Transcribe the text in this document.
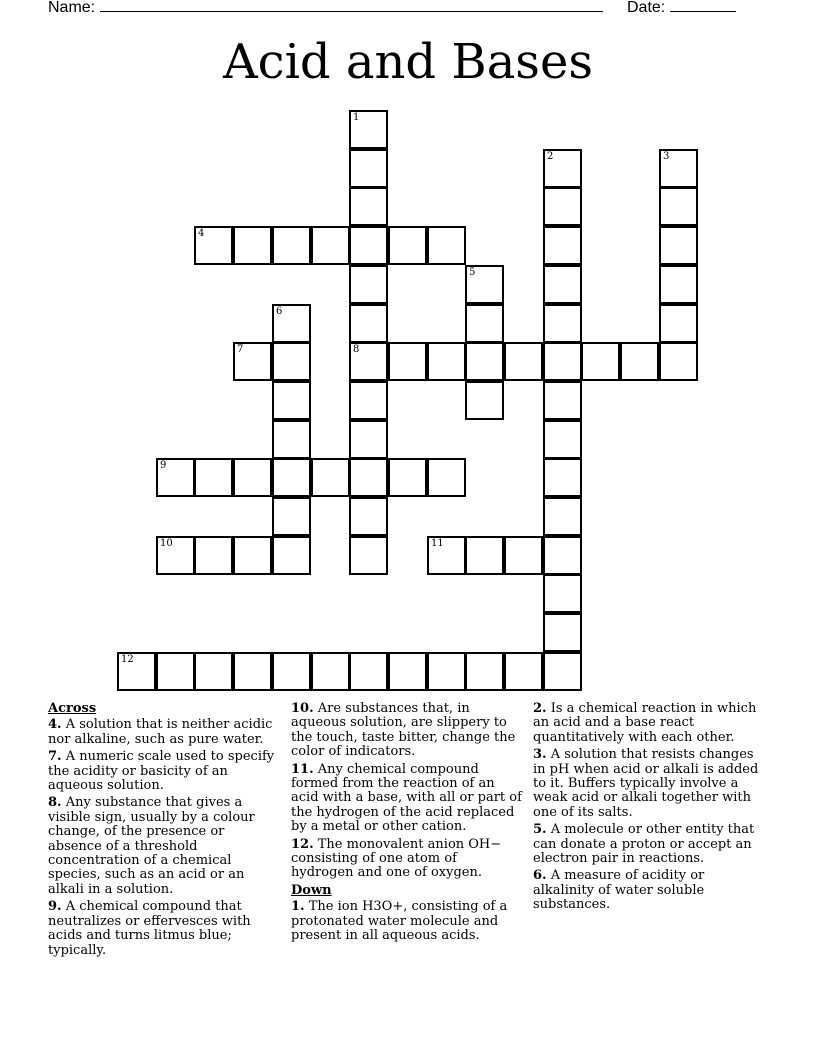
Name:	Date:
Acid and Bases
1
8
2	3
4
5
6
7
9
10	11
12
Across
4. A solution that is neither acidic nor alkaline, such as pure water.
7. A numeric scale used to specify the acidity or basicity of an aqueous solution.
8. Any substance that gives a visible sign, usually by a colour change, of the presence or absence of a threshold concentration of a chemical species, such as an acid or an alkali in a solution.
9. A chemical compound that neutralizes or effervesces with acids and turns litmus blue; typically.
10. Are substances that, in aqueous solution, are slippery to the touch, taste bitter, change the color of indicators.
11. Any chemical compound formed from the reaction of an acid with a base, with all or part of the hydrogen of the acid replaced by a metal or other cation.
12. The monovalent anion OH− consisting of one atom of hydrogen and one of oxygen.
Down
1. The ion H3O+, consisting of a protonated water molecule and present in all aqueous acids.
2. Is a chemical reaction in which an acid and a base react quantitatively with each other.
3. A solution that resists changes in pH when acid or alkali is added to it. Buffers typically involve a weak acid or alkali together with one of its salts.
5. A molecule or other entity that can donate a proton or accept an electron pair in reactions.
6. A measure of acidity or alkalinity of water soluble substances.
